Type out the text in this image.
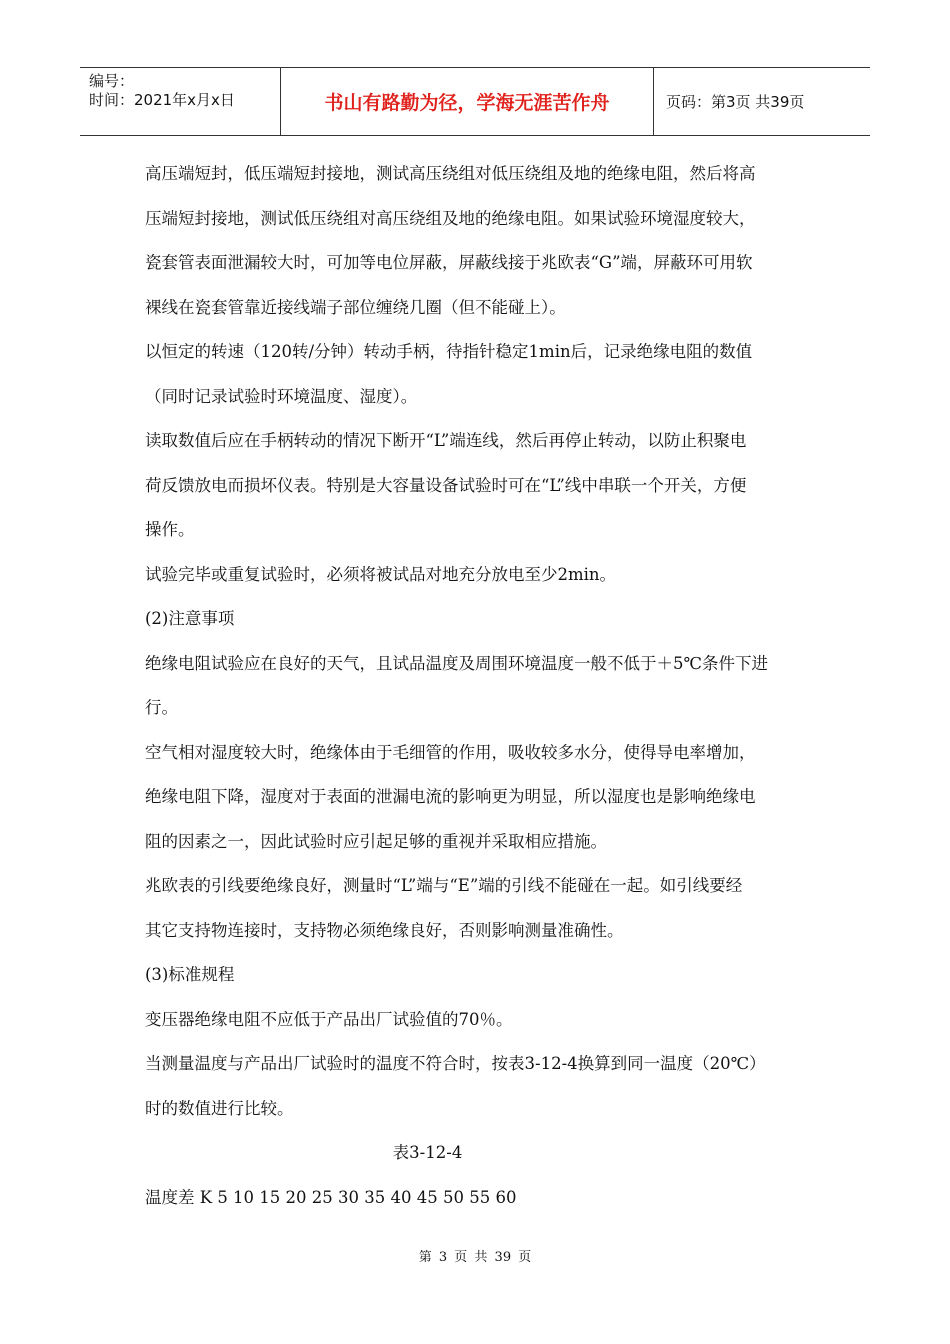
编号：
时间：2021年x月x日	书山有路勤为径，学海无涯苦作舟	页码：第3页 共39页

高压端短封，低压端短封接地，测试高压绕组对低压绕组及地的绝缘电阻，然后将高
压端短封接地，测试低压绕组对高压绕组及地的绝缘电阻。如果试验环境湿度较大，
瓷套管表面泄漏较大时，可加等电位屏蔽，屏蔽线接于兆欧表“G”端，屏蔽环可用软
裸线在瓷套管靠近接线端子部位缠绕几圈（但不能碰上）。

以恒定的转速（120转/分钟）转动手柄，待指针稳定1min后，记录绝缘电阻的数值
（同时记录试验时环境温度、湿度）。

读取数值后应在手柄转动的情况下断开“L”端连线，然后再停止转动，以防止积聚电
荷反馈放电而损坏仪表。特别是大容量设备试验时可在“L”线中串联一个开关，方便
操作。

试验完毕或重复试验时，必须将被试品对地充分放电至少2min。

(2)注意事项

绝缘电阻试验应在良好的天气，且试品温度及周围环境温度一般不低于＋5℃条件下进
行。

空气相对湿度较大时，绝缘体由于毛细管的作用，吸收较多水分，使得导电率增加，
绝缘电阻下降，湿度对于表面的泄漏电流的影响更为明显，所以湿度也是影响绝缘电
阻的因素之一，因此试验时应引起足够的重视并采取相应措施。

兆欧表的引线要绝缘良好，测量时“L”端与“E”端的引线不能碰在一起。如引线要经
其它支持物连接时，支持物必须绝缘良好，否则影响测量准确性。

(3)标准规程

变压器绝缘电阻不应低于产品出厂试验值的70％。

当测量温度与产品出厂试验时的温度不符合时，按表3-12-4换算到同一温度（20℃）
时的数值进行比较。

表3-12-4

温度差 K 5 10 15 20 25 30 35 40 45 50 55 60

第 3 页 共 39 页
